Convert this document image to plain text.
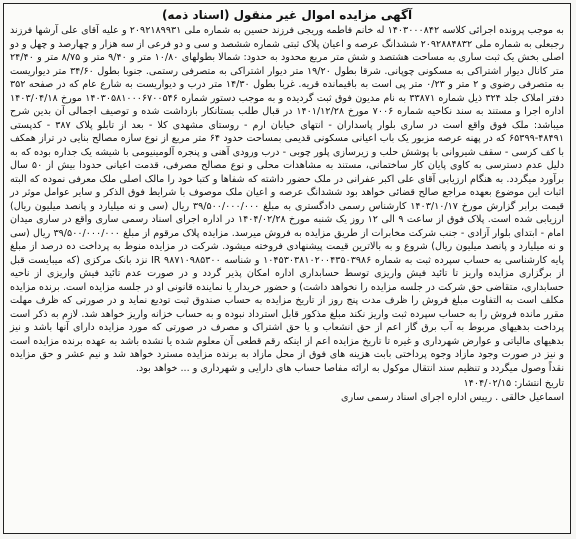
آگهی مزایده اموال غیر منقول (اسناد ذمه)

به موجب پرونده اجرائی کلاسه ۱۴۰۳۰۰۰۸۴۲ له خانم فاطمه وریجی فرزند حسین به شماره ملی ۲۰۹۲۱۸۹۹۳۱ و علیه آقای علی آرشها فرزند رجبعلی به شماره ملی ۲۰۹۲۸۸۴۸۳۲ ششدانگ عرصه و اعیان پلاک ثبتی شماره ششصد و سی و دو فرعی از سه هزار و چهارصد و چهل و دو اصلی بخش یک ثبت ساری به مساحت هشتصد و شش متر مربع محدود به حدود: شمالا بطولهای ۱۰/۸۰ متر و ۹/۴۰ متر و ۸/۷۵ متر و ۲۴/۴۰ متر کانال دیوار اشتراکی به مسکونی چوپانی. شرقا بطول ۱۹/۲۰ متر دیوار اشتراکی به متصرفی رستمی. جنوبا بطول ۳۴/۶۰ متر دیواریست به متصرفی رضوی و ۲ متر و ۰/۲۳ متر پی است به باقیمانده قریه. غربا بطول ۱۴/۳۰ متر درب و دیواریست به شارع عام که در صفحه ۳۵۲ دفتر املاک جلد ۳۲۴ ذیل شماره ۳۳۸۷۱ به نام مدیون فوق ثبت گردیده و به موجب دستور شماره ۱۴۰۳۰۵۸۱۰۰۰۶۷۰۰۵۴۶ مورخ ۱۴۰۳/۰۴/۱۸ اداره اجرا و مستند به سند نکاحیه شماره ۷۰۰۶ مورخ ۱۴۰۱/۱۲/۲۸ در قبال طلب بستانکار بازداشت شده و توصیف اجمالی آن بدین شرح میباشد: ملک فوق واقع است در ساری بلوار پاسداران - انتهای خیابان ارم - روستای مشهدی کلا - بعد از تابلو پلاک ۳۸۷ - کدپستی ۴۸۴۹۱-۶۵۳۹۹ که در پهنه عرصه مزبور یک باب اعیانی مسکونی قدیمی بمساحت حدود ۶۴ متر مربع از نوع سازه مصالح بنایی در تراز همکف با کف کرسی - سقف شیروانی با پوشش حلب و زیرسازی پلور چوبی - درب ورودی آهنی و پنجره آلومینیومی با شیشه یک جداره بوده که به دلیل عدم دسترسی به کاوی پایان کار ساختمانی، مستند به مشاهدات محلی و نوع مصالح مصرفی، قدمت اعیانی حدودا بیش از ۵۰ سال برآورد میگردد. به هنگام ارزیابی آقای علی اکبر عفرانی در ملک حضور داشته که شفاها و کتبا خود را مالک اصلی ملک معرفی نموده که البته اثبات این موضوع بعهده مراجع صالح قضائی خواهد بود ششدانگ عرصه و اعیان ملک موصوف با شرایط فوق الذکر و سایر عوامل موثر در قیمت برابر گزارش مورخ ۱۴۰۳/۱۰/۱۷ کارشناس رسمی دادگستری به مبلغ ۳۹/۵۰۰/۰۰۰/۰۰۰ ریال (سی و نه میلیارد و پانصد میلیون ریال) ارزیابی شده است. پلاک فوق از ساعت ۹ الی ۱۲ روز یک شنبه مورخ ۱۴۰۴/۰۲/۲۸ در اداره اجرای اسناد رسمی ساری واقع در ساری میدان امام - ابتدای بلوار آزادی - جنب شرکت مخابرات از طریق مزایده به فروش میرسد. مزایده پلاک مرقوم از مبلغ ۳۹/۵۰۰/۰۰۰/۰۰۰ ریال (سی و نه میلیارد و پانصد میلیون ریال) شروع و به بالاترین قیمت پیشنهادی فروخته میشود. شرکت در مزایده منوط به پرداخت ده درصد از مبلغ پایه کارشناسی به حساب سپرده ثبت به شماره ۱۰۴۵۳۰۳۸۱۰۲۰۰۴۳۵۰۳۹۸۶ و شناسه ۹۸۷۱۰۹۸۵۳۰۰ IR نزد بانک مرکزی (که میبایست قبل از برگزاری مزایده واریز تا تائید فیش واریزی توسط حسابداری اداره امکان پذیر گردد و در صورت عدم تائید فیش واریزی از ناحیه حسابداری، متقاضی حق شرکت در جلسه مزایده را نخواهد داشت) و حضور خریدار یا نماینده قانونی او در جلسه مزایده است. برنده مزایده مکلف است به التفاوت مبلغ فروش را ظرف مدت پنج روز از تاریخ مزایده به حساب صندوق ثبت تودیع نماید و در صورتی که ظرف مهلت مقرر مانده فروش را به حساب سپرده ثبت واریز نکند مبلغ مذکور قابل استرداد نبوده و به حساب خزانه واریز خواهد شد. لازم به ذکر است پرداخت بدهیهای مربوط به آب برق گاز اعم از حق انشعاب و یا حق اشتراک و مصرف در صورتی که مورد مزایده دارای آنها باشد و نیز بدهیهای مالیاتی و عوارض شهرداری و غیره تا تاریخ مزایده اعم از اینکه رقم قطعی آن معلوم شده یا نشده باشد به عهده برنده مزایده است و نیز در صورت وجود مازاد وجوه پرداختی بابت هزینه های فوق از محل مازاد به برنده مزایده مسترد خواهد شد و نیم عشر و حق مزایده نقداً وصول میگردد و تنظیم سند انتقال موکول به ارائه مفاصا حساب های دارایی و شهرداری و ... خواهد بود.

تاریخ انتشار: ۱۴۰۴/۰۲/۱۵

اسماعیل خالقی . رییس اداره اجرای اسناد رسمی ساری
